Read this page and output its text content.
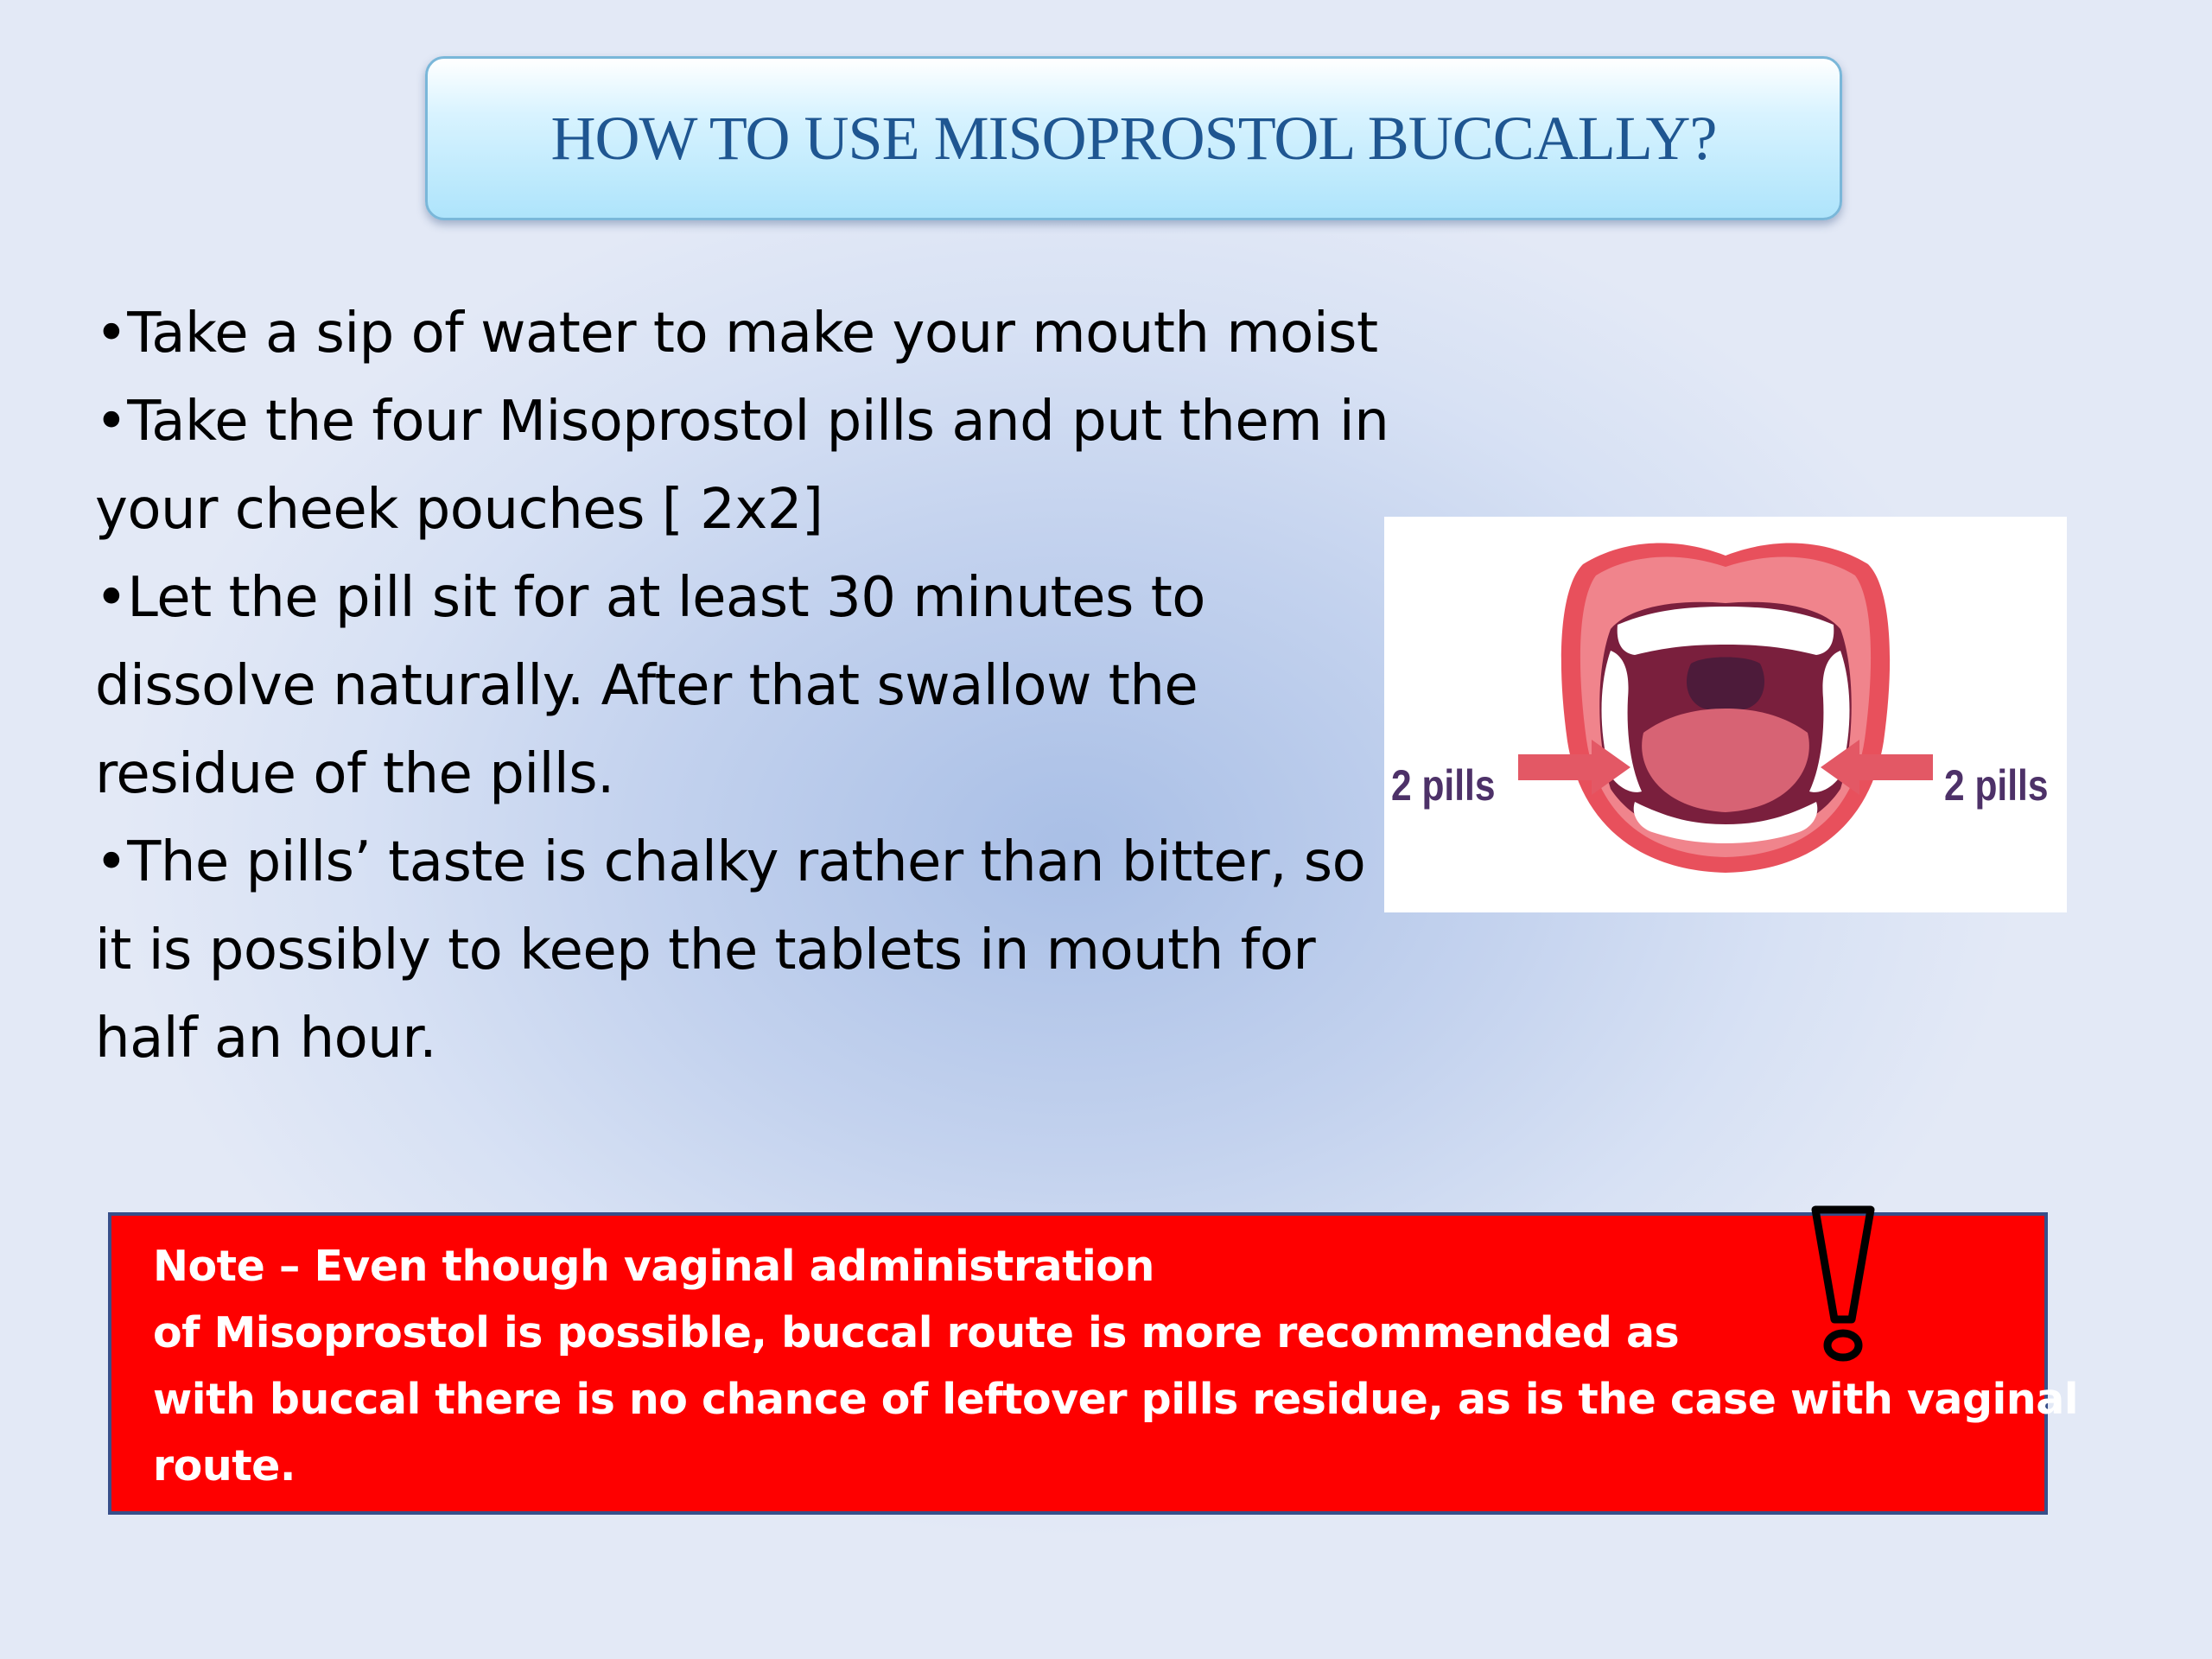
HOW TO USE MISOPROSTOL BUCCALLY?

•Take a sip of water to make your mouth moist

•Take the four Misoprostol pills and put them in your cheek pouches [ 2x2]

•Let the pill sit for at least 30 minutes to dissolve naturally. After that swallow the residue of the pills.

•The pills’ taste is chalky rather than bitter, so it is possibly to keep the tablets in mouth for half an hour.

2 pills	2 pills

Note – Even though vaginal administration

of Misoprostol is possible, buccal route is more recommended as

with buccal there is no chance of leftover pills residue, as is the case with vaginal

route.
